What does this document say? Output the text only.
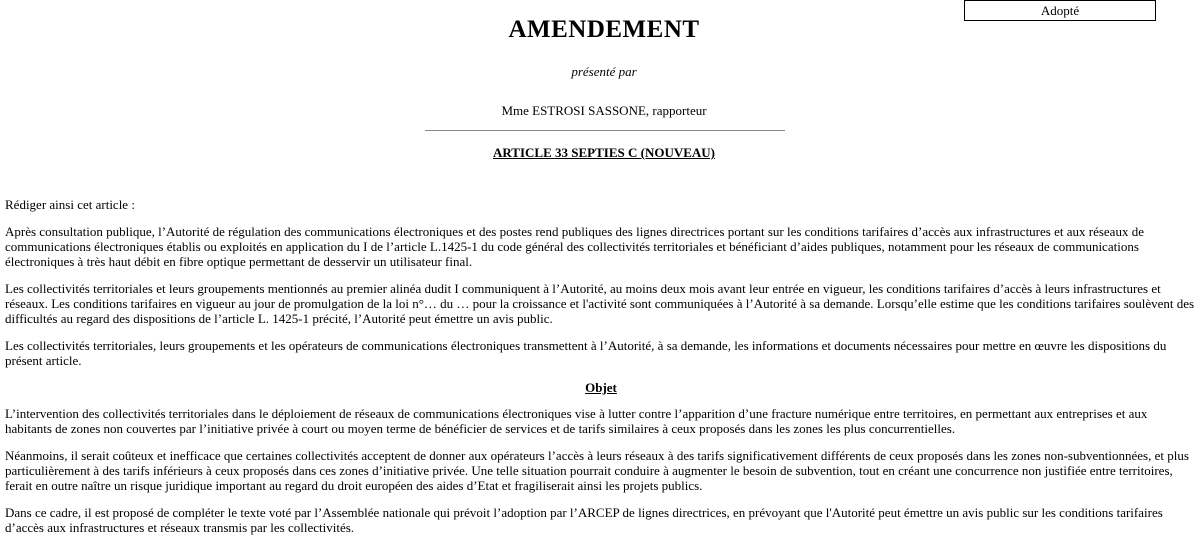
Adopté
AMENDEMENT
présenté par
Mme ESTROSI SASSONE, rapporteur
ARTICLE 33 SEPTIES C (NOUVEAU)

Rédiger ainsi cet article :

Après consultation publique, l’Autorité de régulation des communications électroniques et des postes rend publiques des lignes directrices portant sur les conditions tarifaires d’accès aux infrastructures et aux réseaux de communications électroniques établis ou exploités en application du I de l’article L.1425-1 du code général des collectivités territoriales et bénéficiant d’aides publiques, notamment pour les réseaux de communications électroniques à très haut débit en fibre optique permettant de desservir un utilisateur final.

Les collectivités territoriales et leurs groupements mentionnés au premier alinéa dudit I communiquent à l’Autorité, au moins deux mois avant leur entrée en vigueur, les conditions tarifaires d’accès à leurs infrastructures et réseaux. Les conditions tarifaires en vigueur au jour de promulgation de la loi n°… du … pour la croissance et l'activité sont communiquées à l’Autorité à sa demande. Lorsqu’elle estime que les conditions tarifaires soulèvent des difficultés au regard des dispositions de l’article L. 1425-1 précité, l’Autorité peut émettre un avis public.

Les collectivités territoriales, leurs groupements et les opérateurs de communications électroniques transmettent à l’Autorité, à sa demande, les informations et documents nécessaires pour mettre en œuvre les dispositions du présent article.

Objet

L’intervention des collectivités territoriales dans le déploiement de réseaux de communications électroniques vise à lutter contre l’apparition d’une fracture numérique entre territoires, en permettant aux entreprises et aux habitants de zones non couvertes par l’initiative privée à court ou moyen terme de bénéficier de services et de tarifs similaires à ceux proposés dans les zones les plus concurrentielles.

Néanmoins, il serait coûteux et inefficace que certaines collectivités acceptent de donner aux opérateurs l’accès à leurs réseaux à des tarifs significativement différents de ceux proposés dans les zones non-subventionnées, et plus particulièrement à des tarifs inférieurs à ceux proposés dans ces zones d’initiative privée. Une telle situation pourrait conduire à augmenter le besoin de subvention, tout en créant une concurrence non justifiée entre territoires, ferait en outre naître un risque juridique important au regard du droit européen des aides d’Etat et fragiliserait ainsi les projets publics.

Dans ce cadre, il est proposé de compléter le texte voté par l’Assemblée nationale qui prévoit l’adoption par l’ARCEP de lignes directrices, en prévoyant que l'Autorité peut émettre un avis public sur les conditions tarifaires d’accès aux infrastructures et réseaux transmis par les collectivités.
